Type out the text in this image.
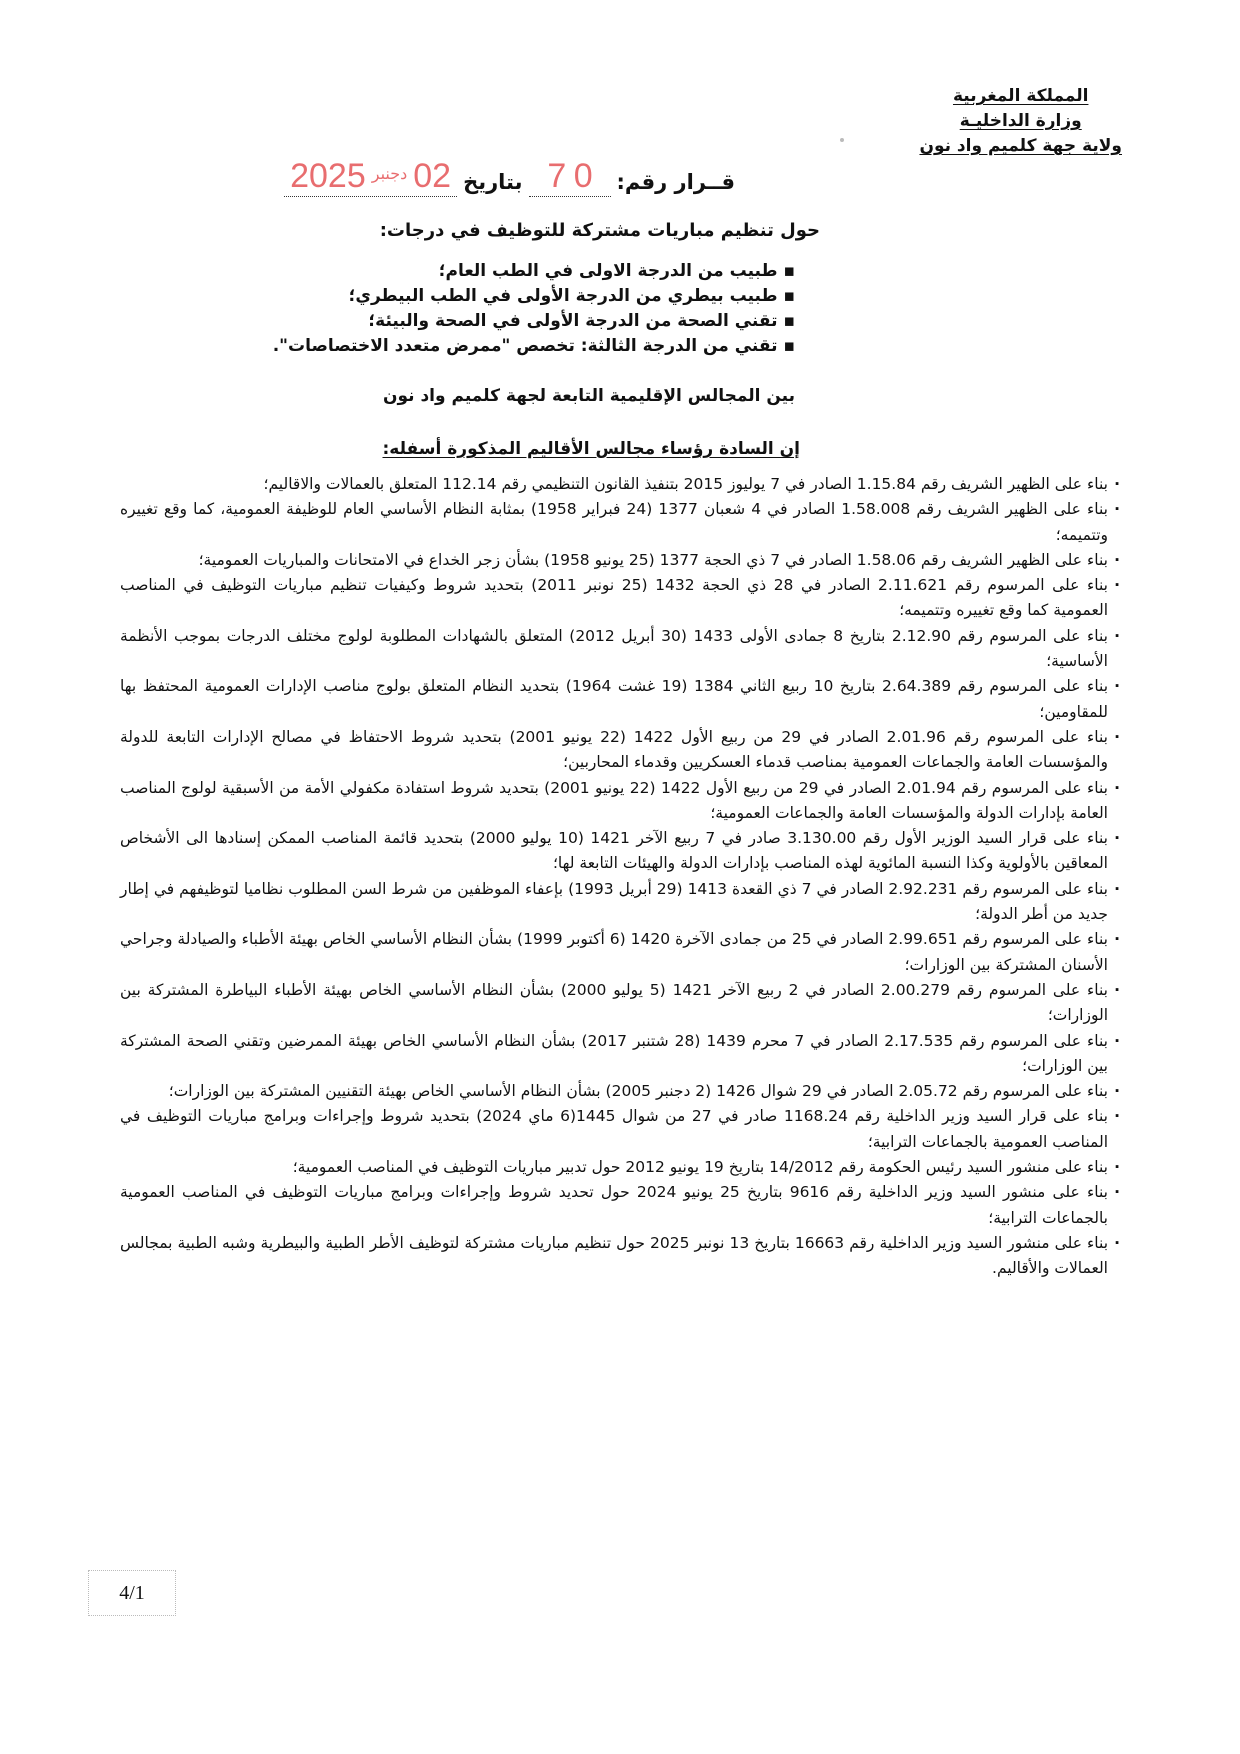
المملكة المغربية
وزارة الداخليـة
ولاية جهة كلميم واد نون
قــرار رقم:
0 7
بتاريخ
$02^{دجنبر}2025$
حول تنظيم مباريات مشتركة للتوظيف في درجات:
▪ طبيب من الدرجة الاولى في الطب العام؛
▪ طبيب بيطري من الدرجة الأولى في الطب البيطري؛
▪ تقني الصحة من الدرجة الأولى في الصحة والبيئة؛
▪ تقني من الدرجة الثالثة: تخصص "ممرض متعدد الاختصاصات".
بين المجالس الإقليمية التابعة لجهة كلميم واد نون
إن السادة رؤساء مجالس الأقاليم المذكورة أسفله:
· بناء على الظهير الشريف رقم 1.15.84 الصادر في 7 يوليوز 2015 بتنفيذ القانون التنظيمي رقم 112.14 المتعلق بالعمالات والاقاليم؛
· بناء على الظهير الشريف رقم 1.58.008 الصادر في 4 شعبان 1377 (24 فبراير 1958) بمثابة النظام الأساسي العام للوظيفة العمومية، كما وقع تغييره وتتميمه؛
· بناء على الظهير الشريف رقم 1.58.06 الصادر في 7 ذي الحجة 1377 (25 يونيو 1958) بشأن زجر الخداع في الامتحانات والمباريات العمومية؛
· بناء على المرسوم رقم 2.11.621 الصادر في 28 ذي الحجة 1432 (25 نونبر 2011) بتحديد شروط وكيفيات تنظيم مباريات التوظيف في المناصب العمومية كما وقع تغييره وتتميمه؛
· بناء على المرسوم رقم 2.12.90 بتاريخ 8 جمادى الأولى 1433 (30 أبريل 2012) المتعلق بالشهادات المطلوبة لولوج مختلف الدرجات بموجب الأنظمة الأساسية؛
· بناء على المرسوم رقم 2.64.389 بتاريخ 10 ربيع الثاني 1384 (19 غشت 1964) بتحديد النظام المتعلق بولوج مناصب الإدارات العمومية المحتفظ بها للمقاومين؛
· بناء على المرسوم رقم 2.01.96 الصادر في 29 من ربيع الأول 1422 (22 يونيو 2001) بتحديد شروط الاحتفاظ في مصالح الإدارات التابعة للدولة والمؤسسات العامة والجماعات العمومية بمناصب قدماء العسكريين وقدماء المحاربين؛
· بناء على المرسوم رقم 2.01.94 الصادر في 29 من ربيع الأول 1422 (22 يونيو 2001) بتحديد شروط استفادة مكفولي الأمة من الأسبقية لولوج المناصب العامة بإدارات الدولة والمؤسسات العامة والجماعات العمومية؛
· بناء على قرار السيد الوزير الأول رقم 3.130.00 صادر في 7 ربيع الآخر 1421 (10 يوليو 2000) بتحديد قائمة المناصب الممكن إسنادها الى الأشخاص المعاقين بالأولوية وكذا النسبة المائوية لهذه المناصب بإدارات الدولة والهيئات التابعة لها؛
· بناء على المرسوم رقم 2.92.231 الصادر في 7 ذي القعدة 1413 (29 أبريل 1993) بإعفاء الموظفين من شرط السن المطلوب نظاميا لتوظيفهم في إطار جديد من أطر الدولة؛
· بناء على المرسوم رقم 2.99.651 الصادر في 25 من جمادى الآخرة 1420 (6 أكتوبر 1999) بشأن النظام الأساسي الخاص بهيئة الأطباء والصيادلة وجراحي الأسنان المشتركة بين الوزارات؛
· بناء على المرسوم رقم 2.00.279 الصادر في 2 ربيع الآخر 1421 (5 يوليو 2000) بشأن النظام الأساسي الخاص بهيئة الأطباء البياطرة المشتركة بين الوزارات؛
· بناء على المرسوم رقم 2.17.535 الصادر في 7 محرم 1439 (28 شتنبر 2017) بشأن النظام الأساسي الخاص بهيئة الممرضين وتقني الصحة المشتركة بين الوزارات؛
· بناء على المرسوم رقم 2.05.72 الصادر في 29 شوال 1426 (2 دجنبر 2005) بشأن النظام الأساسي الخاص بهيئة التقنيين المشتركة بين الوزارات؛
· بناء على قرار السيد وزير الداخلية رقم 1168.24 صادر في 27 من شوال 1445(6 ماي 2024) بتحديد شروط وإجراءات وبرامج مباريات التوظيف في المناصب العمومية بالجماعات الترابية؛
· بناء على منشور السيد رئيس الحكومة رقم 14/2012 بتاريخ 19 يونيو 2012 حول تدبير مباريات التوظيف في المناصب العمومية؛
· بناء على منشور السيد وزير الداخلية رقم 9616 بتاريخ 25 يونيو 2024 حول تحديد شروط وإجراءات وبرامج مباريات التوظيف في المناصب العمومية بالجماعات الترابية؛
· بناء على منشور السيد وزير الداخلية رقم 16663 بتاريخ 13 نونبر 2025 حول تنظيم مباريات مشتركة لتوظيف الأطر الطبية والبيطرية وشبه الطبية بمجالس العمالات والأقاليم.
4/1
